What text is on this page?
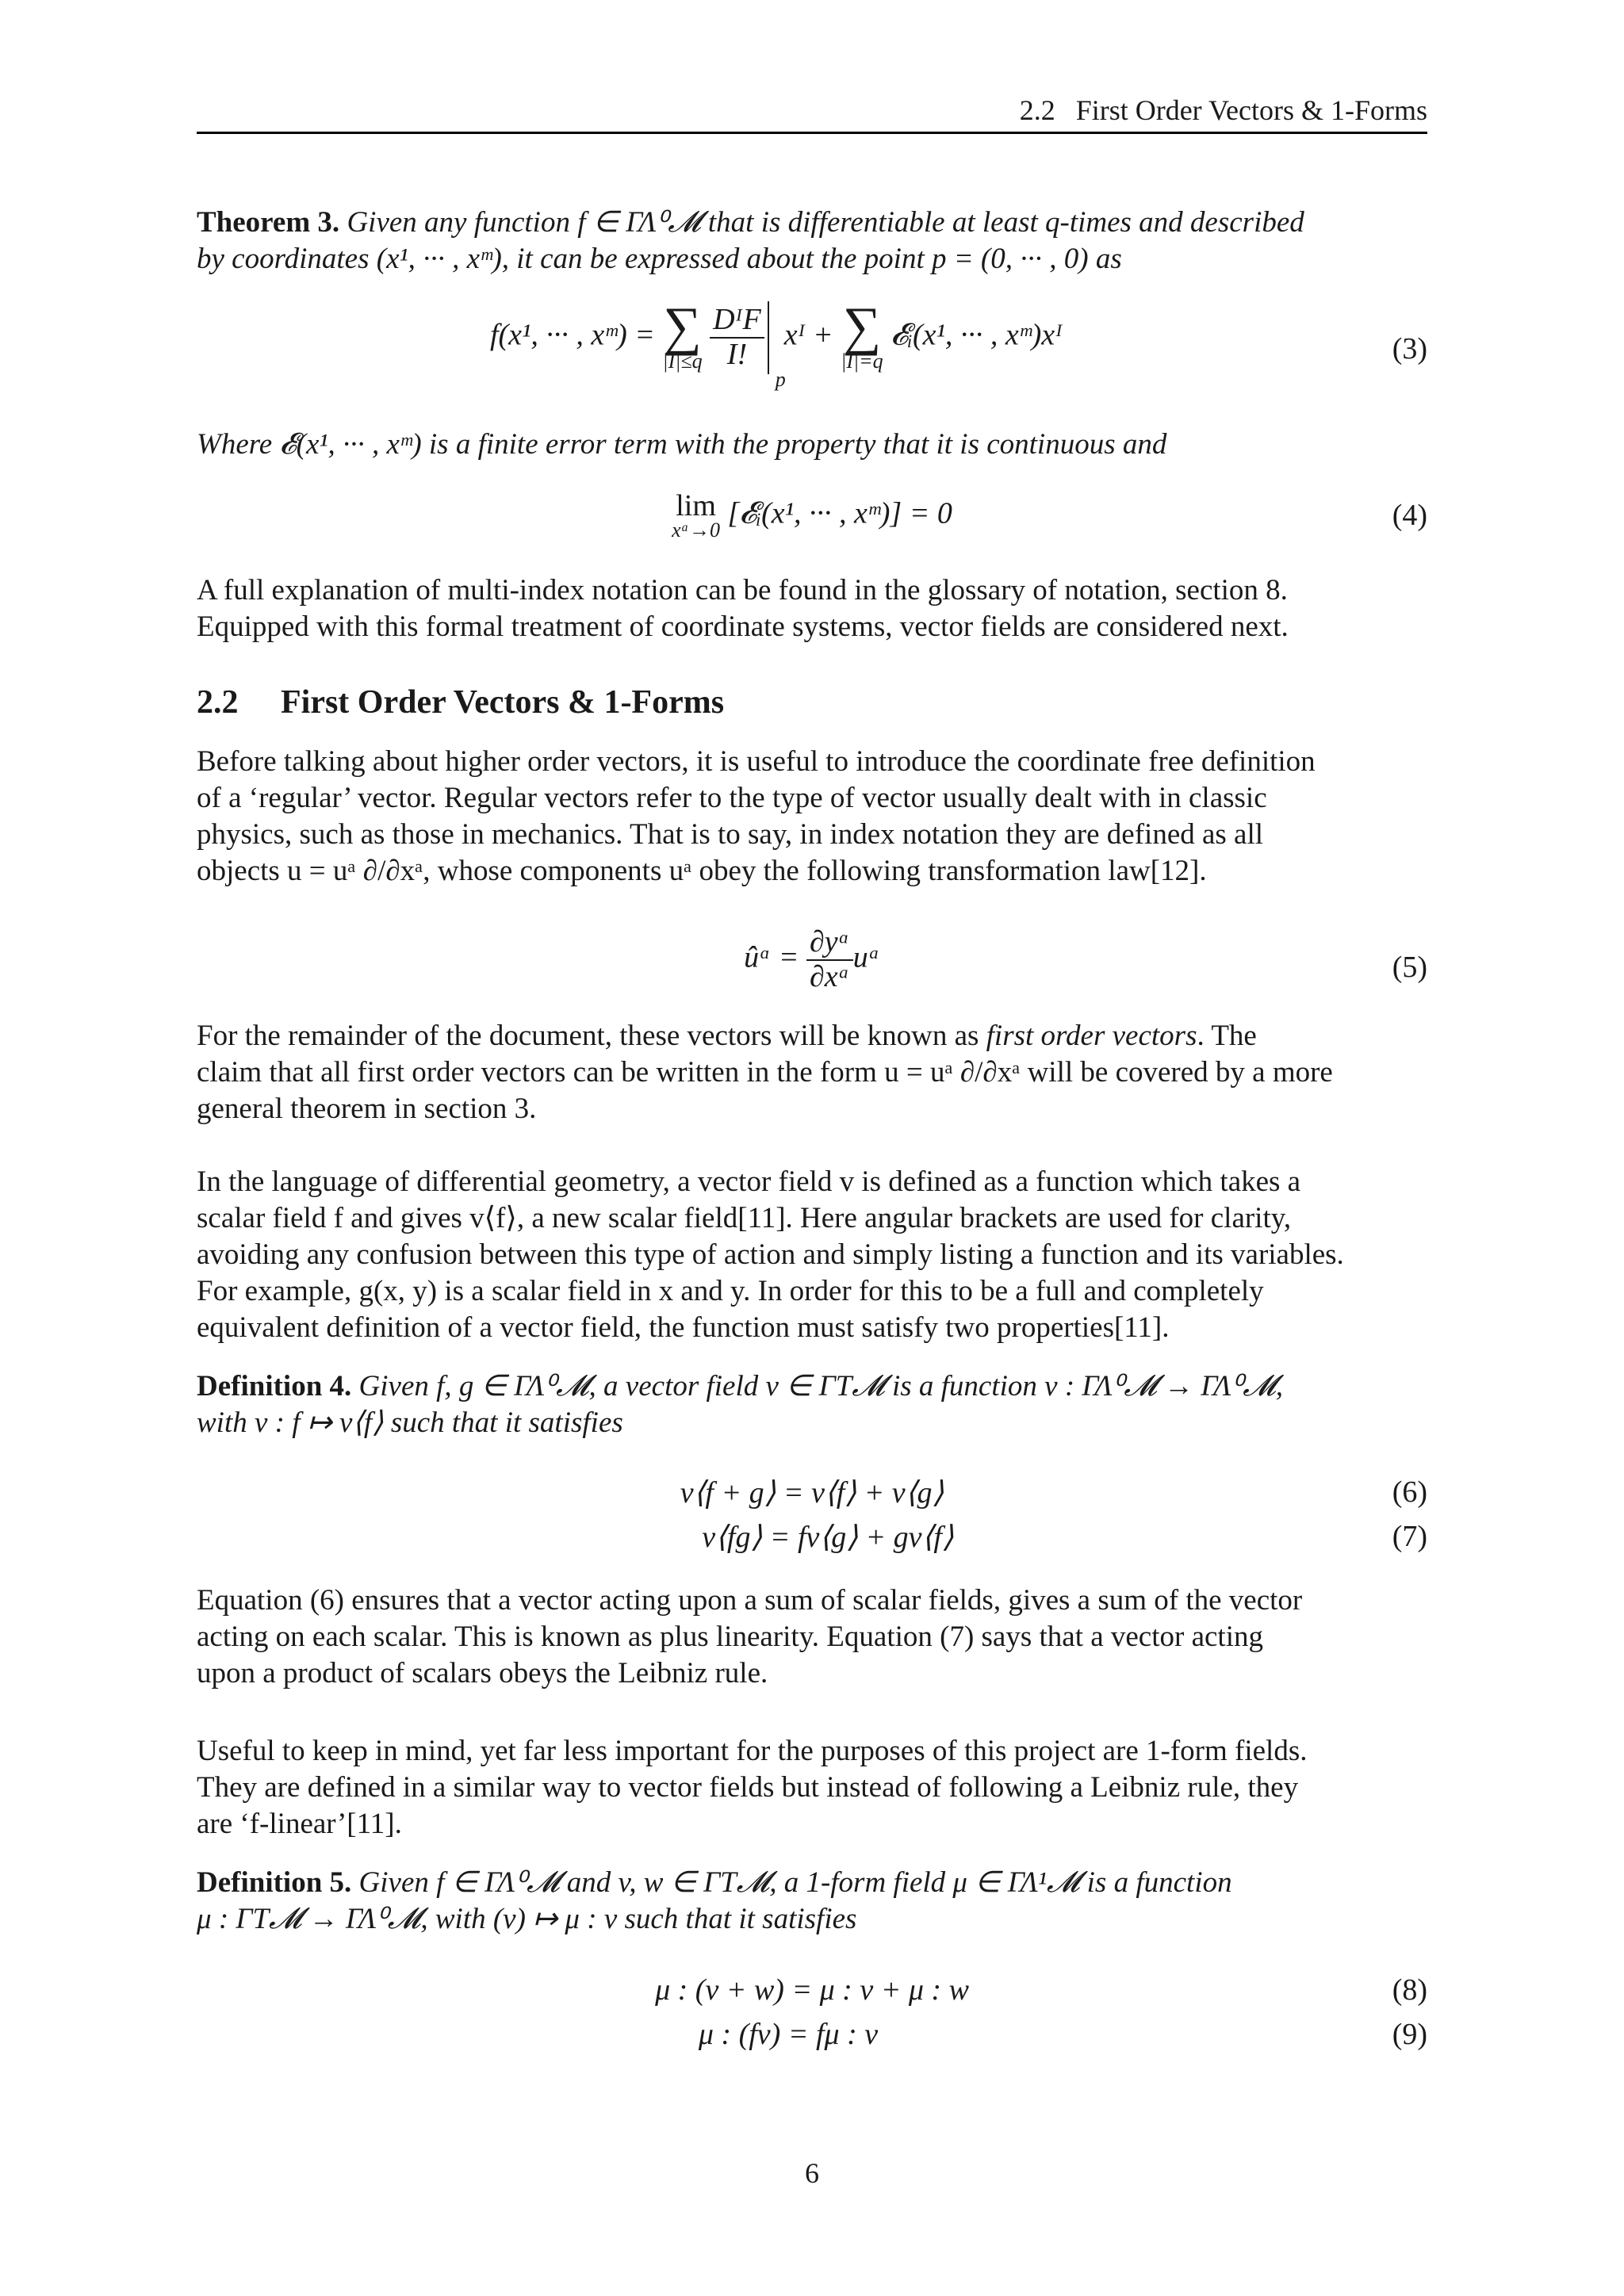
2.2 First Order Vectors & 1-Forms
Theorem 3. Given any function f ∈ ΓΛ⁰𝓜 that is differentiable at least q-times and described
by coordinates (x¹, ··· , xᵐ), it can be expressed about the point p = (0, ··· , 0) as
f(x¹, ··· , xᵐ) = ∑
|I|≤q
$\frac{\text{DᴵF}}{I!}$
p
xᴵ + ∑
|I|=q
𝓔ᵢ(x¹, ··· , xᵐ)xᴵ	(3)
Where 𝓔(x¹, ··· , xᵐ) is a finite error term with the property that it is continuous and
lim
xᵃ→0 [𝓔ᵢ(x¹, ··· , xᵐ)] = 0	(4)
A full explanation of multi-index notation can be found in the glossary of notation, section 8.
Equipped with this formal treatment of coordinate systems, vector fields are considered next.
2.2 First Order Vectors & 1-Forms
Before talking about higher order vectors, it is useful to introduce the coordinate free definition
of a ‘regular’ vector. Regular vectors refer to the type of vector usually dealt with in classic
physics, such as those in mechanics. That is to say, in index notation they are defined as all
objects u = uᵃ ∂/∂xᵃ, whose components uᵃ obey the following transformation law[12].
ûᵅ = $\frac{\text{∂yᵅ}}{\text{∂xᵃ}}$ uᵃ	(5)
For the remainder of the document, these vectors will be known as first order vectors. The
claim that all first order vectors can be written in the form u = uᵃ ∂/∂xᵃ will be covered by a more
general theorem in section 3.
In the language of differential geometry, a vector field v is defined as a function which takes a
scalar field f and gives v⟨f⟩, a new scalar field[11]. Here angular brackets are used for clarity,
avoiding any confusion between this type of action and simply listing a function and its variables.
For example, g(x, y) is a scalar field in x and y. In order for this to be a full and completely
equivalent definition of a vector field, the function must satisfy two properties[11].
Definition 4. Given f, g ∈ ΓΛ⁰𝓜, a vector field v ∈ ΓT𝓜 is a function v : ΓΛ⁰𝓜 → ΓΛ⁰𝓜,
with v : f ↦ v⟨f⟩ such that it satisfies
v⟨f + g⟩ = v⟨f⟩ + v⟨g⟩	(6)
v⟨fg⟩ = fv⟨g⟩ + gv⟨f⟩	(7)
Equation (6) ensures that a vector acting upon a sum of scalar fields, gives a sum of the vector
acting on each scalar. This is known as plus linearity. Equation (7) says that a vector acting
upon a product of scalars obeys the Leibniz rule.
Useful to keep in mind, yet far less important for the purposes of this project are 1-form fields.
They are defined in a similar way to vector fields but instead of following a Leibniz rule, they
are ‘f-linear’[11].
Definition 5. Given f ∈ ΓΛ⁰𝓜 and v, w ∈ ΓT𝓜, a 1-form field μ ∈ ΓΛ¹𝓜 is a function
μ : ΓT𝓜 → ΓΛ⁰𝓜, with (v) ↦ μ : v such that it satisfies
μ : (v + w) = μ : v + μ : w	(8)
μ : (fv) = fμ : v	(9)
6
